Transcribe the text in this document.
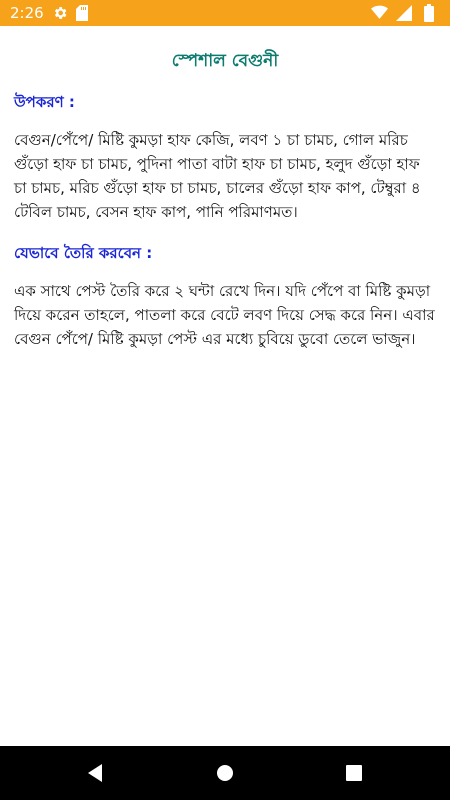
2:26
স্পেশাল বেগুনী
উপকরণ :

বেগুন/পেঁপে/ মিষ্টি কুমড়া হাফ কেজি, লবণ ১ চা চামচ, গোল মরিচ গুঁড়ো হাফ চা চামচ, পুদিনা পাতা বাটা হাফ চা চামচ, হলুদ গুঁড়ো হাফ চা চামচ, মরিচ গুঁড়ো হাফ চা চামচ, চালের গুঁড়ো হাফ কাপ, টেম্বুরা ৪ টেবিল চামচ, বেসন হাফ কাপ, পানি পরিমাণমত।

যেভাবে তৈরি করবেন :

এক সাথে পেস্ট তৈরি করে ২ ঘন্টা রেখে দিন। যদি পেঁপে বা মিষ্টি কুমড়া দিয়ে করেন তাহলে, পাতলা করে বেটে লবণ দিয়ে সেদ্ধ করে নিন। এবার বেগুন পেঁপে/ মিষ্টি কুমড়া পেস্ট এর মধ্যে চুবিয়ে ডুবো তেলে ভাজুন।
